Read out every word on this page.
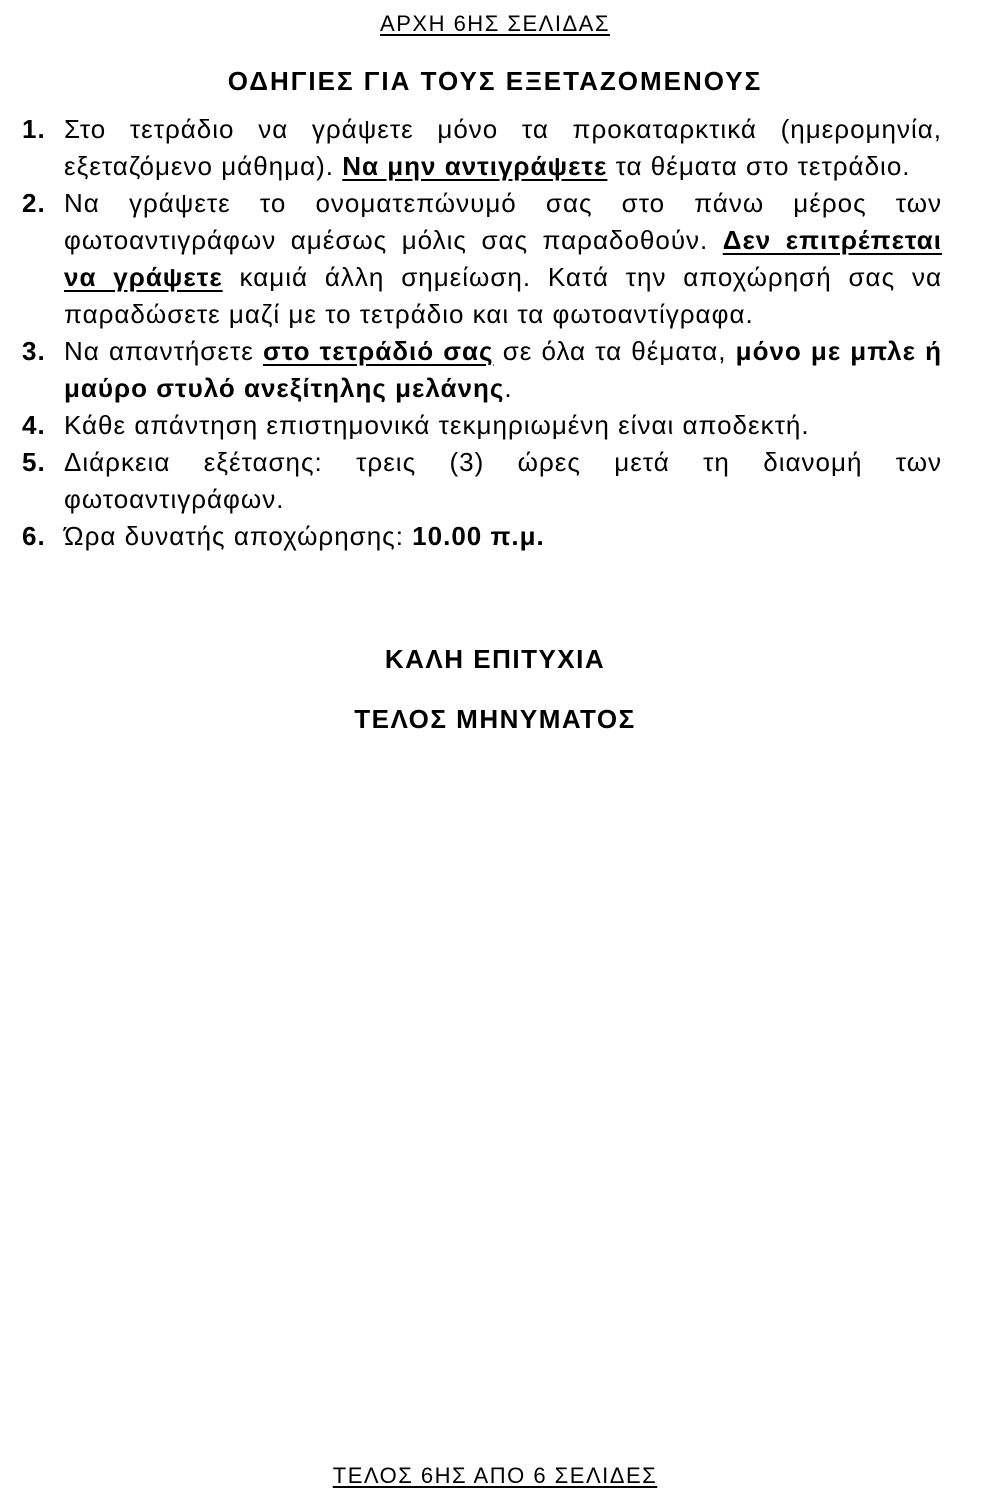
ΑΡΧΗ 6ΗΣ ΣΕΛΙΔΑΣ
ΟΔΗΓΙΕΣ ΓΙΑ ΤΟΥΣ ΕΞΕΤΑΖΟΜΕΝΟΥΣ
1. Στο τετράδιο να γράψετε μόνο τα προκαταρκτικά (ημερομηνία, εξεταζόμενο μάθημα). Να μην αντιγράψετε τα θέματα στο τετράδιο.
2. Να γράψετε το ονοματεπώνυμό σας στο πάνω μέρος των φωτοαντιγράφων αμέσως μόλις σας παραδοθούν. Δεν επιτρέπεται να γράψετε καμιά άλλη σημείωση. Κατά την αποχώρησή σας να παραδώσετε μαζί με το τετράδιο και τα φωτοαντίγραφα.
3. Να απαντήσετε στο τετράδιό σας σε όλα τα θέματα, μόνο με μπλε ή μαύρο στυλό ανεξίτηλης μελάνης.
4. Κάθε απάντηση επιστημονικά τεκμηριωμένη είναι αποδεκτή.
5. Διάρκεια εξέτασης: τρεις (3) ώρες μετά τη διανομή των φωτοαντιγράφων.
6. Ώρα δυνατής αποχώρησης: 10.00 π.μ.
ΚΑΛΗ ΕΠΙΤΥΧΙΑ
ΤΕΛΟΣ ΜΗΝΥΜΑΤΟΣ
ΤΕΛΟΣ 6ΗΣ ΑΠΟ 6 ΣΕΛΙΔΕΣ
